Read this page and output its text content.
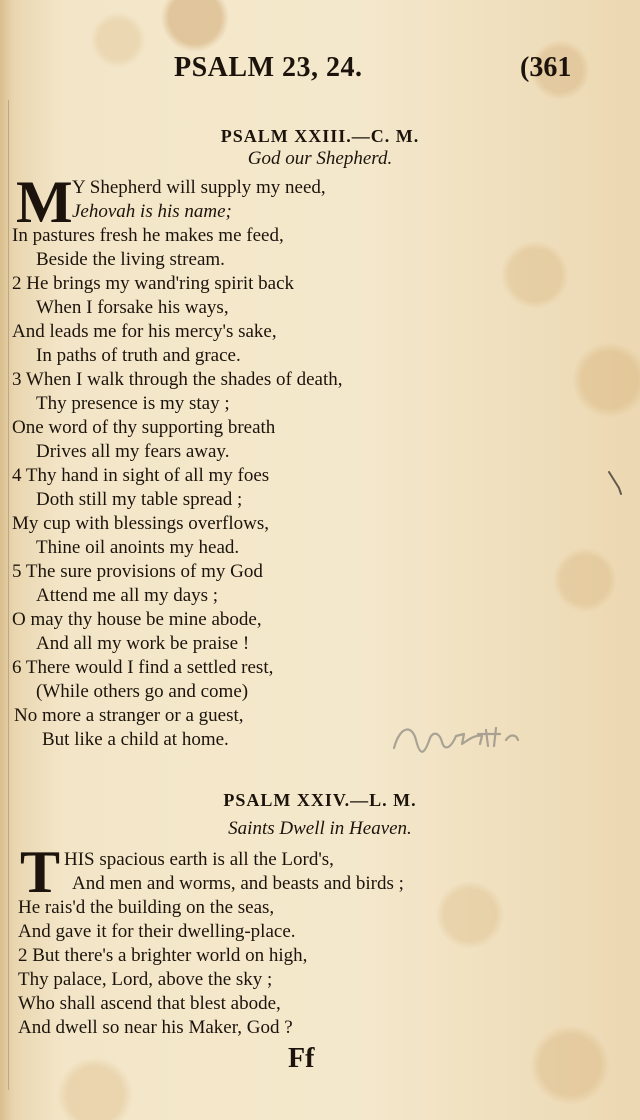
PSALM 23, 24.	(361
PSALM XXIII.—C. M.
God our Shepherd.
M Y Shepherd will supply my need,
Jehovah is his name;
In pastures fresh he makes me feed,
Beside the living stream.
2 He brings my wand'ring spirit back
When I forsake his ways,
And leads me for his mercy's sake,
In paths of truth and grace.
3 When I walk through the shades of death,
Thy presence is my stay ;
One word of thy supporting breath
Drives all my fears away.
4 Thy hand in sight of all my foes
Doth still my table spread ;
My cup with blessings overflows,
Thine oil anoints my head.
5 The sure provisions of my God
Attend me all my days ;
O may thy house be mine abode,
And all my work be praise !
6 There would I find a settled rest,
(While others go and come)
No more a stranger or a guest,
But like a child at home.
PSALM XXIV.—L. M.
Saints Dwell in Heaven.
T HIS spacious earth is all the Lord's,
And men and worms, and beasts and birds ;
He rais'd the building on the seas,
And gave it for their dwelling-place.
2 But there's a brighter world on high,
Thy palace, Lord, above the sky ;
Who shall ascend that blest abode,
And dwell so near his Maker, God ?
Ff
